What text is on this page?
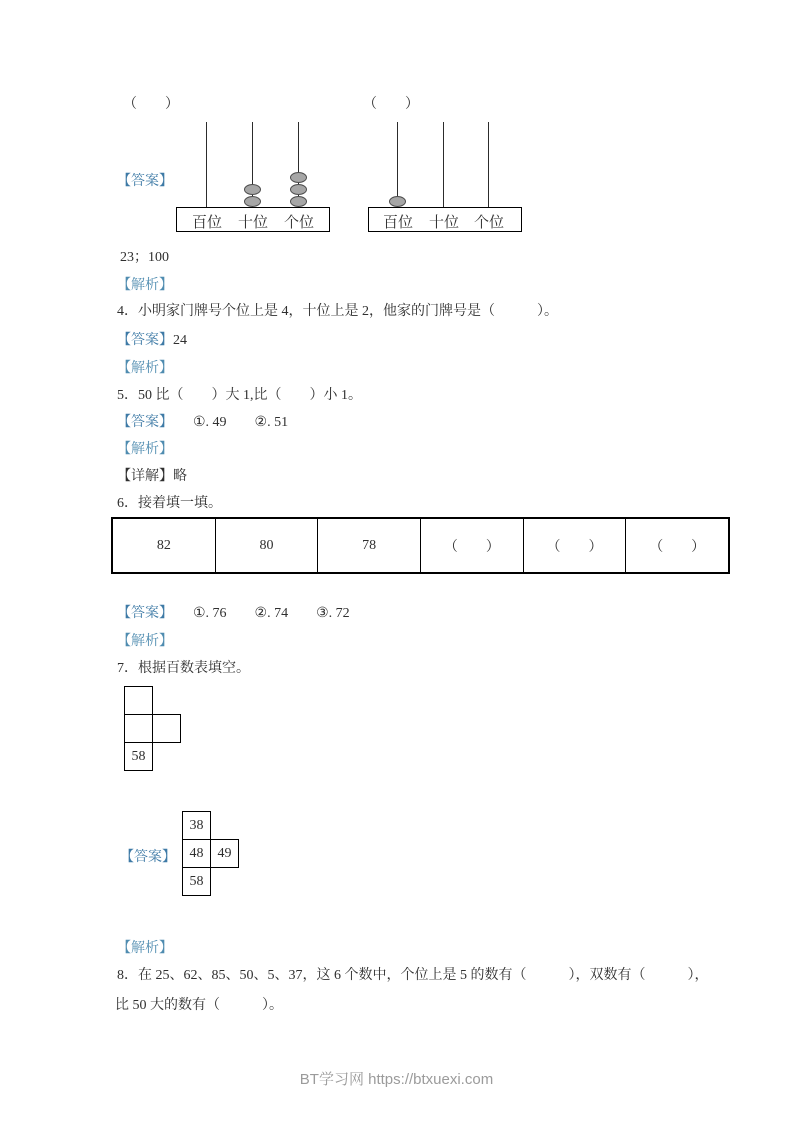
（　　）	（　　）
【答案】
百位	十位	个位	百位	十位 个位
23；100
【解析】
4．小明家门牌号个位上是 4，十位上是 2，他家的门牌号是（　　　）。
【答案】24
【解析】
5．50 比（　　）大 1,比（　　）小 1。
【答案】 ①. 49　　②. 51
【解析】
【详解】略
6．接着填一填。
82	80	78	（　　）	（　　）	（　　）
【答案】 ①. 76　　②. 74　　③. 72
【解析】
7．根据百数表填空。
58
【答案】
38
48	49
58
【解析】
8．在 25、62、85、50、5、37，这 6 个数中，个位上是 5 的数有（　　　），双数有（　　　），
比 50 大的数有（　　　）。
BT学习网 https://btxuexi.com
